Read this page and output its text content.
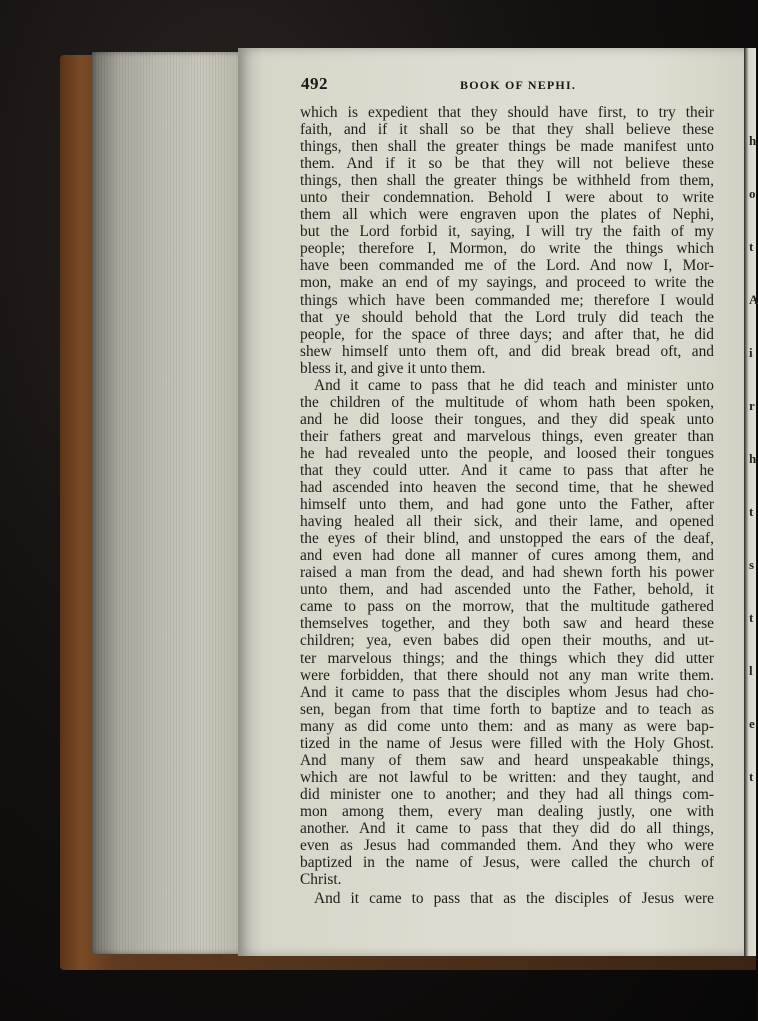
h
o
t
A
i
r
h
t
s
t
l
e
t
492	BOOK OF NEPHI.
which is expedient that they should have first, to try their
faith, and if it shall so be that they shall believe these
things, then shall the greater things be made manifest unto
them. And if it so be that they will not believe these
things, then shall the greater things be withheld from them,
unto their condemnation. Behold I were about to write
them all which were engraven upon the plates of Nephi,
but the Lord forbid it, saying, I will try the faith of my
people; therefore I, Mormon, do write the things which
have been commanded me of the Lord. And now I, Mor-
mon, make an end of my sayings, and proceed to write the
things which have been commanded me; therefore I would
that ye should behold that the Lord truly did teach the
people, for the space of three days; and after that, he did
shew himself unto them oft, and did break bread oft, and
bless it, and give it unto them.
And it came to pass that he did teach and minister unto
the children of the multitude of whom hath been spoken,
and he did loose their tongues, and they did speak unto
their fathers great and marvelous things, even greater than
he had revealed unto the people, and loosed their tongues
that they could utter. And it came to pass that after he
had ascended into heaven the second time, that he shewed
himself unto them, and had gone unto the Father, after
having healed all their sick, and their lame, and opened
the eyes of their blind, and unstopped the ears of the deaf,
and even had done all manner of cures among them, and
raised a man from the dead, and had shewn forth his power
unto them, and had ascended unto the Father, behold, it
came to pass on the morrow, that the multitude gathered
themselves together, and they both saw and heard these
children; yea, even babes did open their mouths, and ut-
ter marvelous things; and the things which they did utter
were forbidden, that there should not any man write them.
And it came to pass that the disciples whom Jesus had cho-
sen, began from that time forth to baptize and to teach as
many as did come unto them: and as many as were bap-
tized in the name of Jesus were filled with the Holy Ghost.
And many of them saw and heard unspeakable things,
which are not lawful to be written: and they taught, and
did minister one to another; and they had all things com-
mon among them, every man dealing justly, one with
another. And it came to pass that they did do all things,
even as Jesus had commanded them. And they who were
baptized in the name of Jesus, were called the church of
Christ.
And it came to pass that as the disciples of Jesus were
